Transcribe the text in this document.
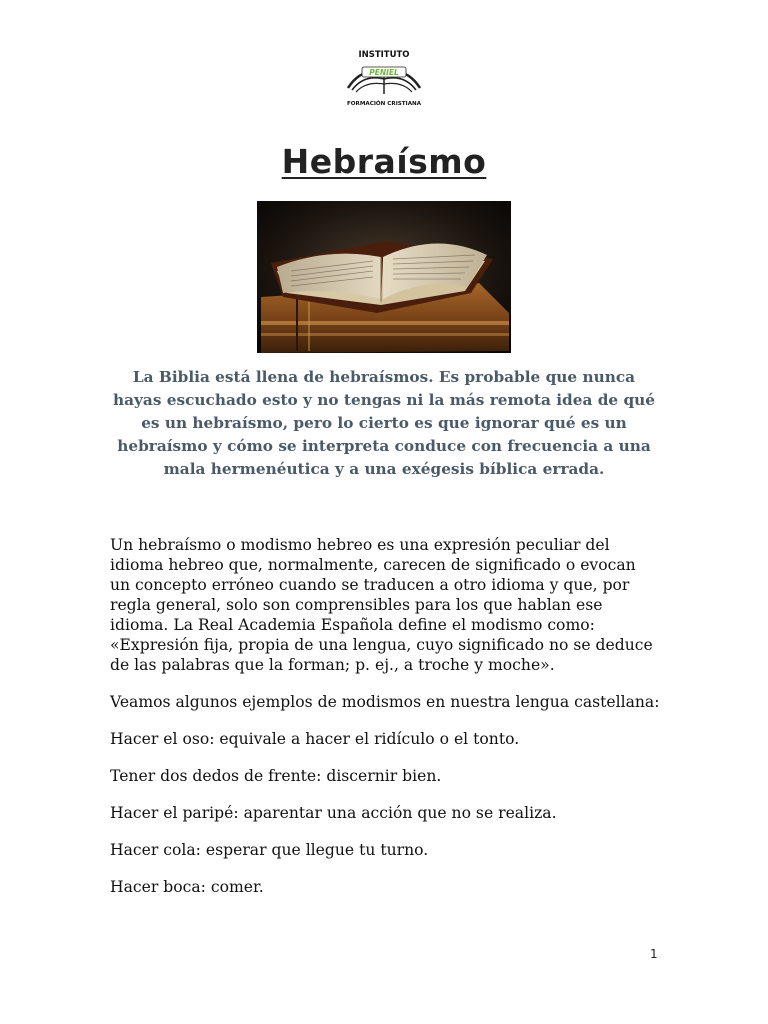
INSTITUTO
PENIEL
FORMACIÓN CRISTIANA
Hebraísmo
La Biblia está llena de hebraísmos. Es probable que nunca hayas escuchado esto y no tengas ni la más remota idea de qué es un hebraísmo, pero lo cierto es que ignorar qué es un hebraísmo y cómo se interpreta conduce con frecuencia a una mala hermenéutica y a una exégesis bíblica errada.

Un hebraísmo o modismo hebreo es una expresión peculiar del idioma hebreo que, normalmente, carecen de significado o evocan un concepto erróneo cuando se traducen a otro idioma y que, por regla general, solo son comprensibles para los que hablan ese idioma. La Real Academia Española define el modismo como: «Expresión fija, propia de una lengua, cuyo significado no se deduce de las palabras que la forman; p. ej., a troche y moche».

Veamos algunos ejemplos de modismos en nuestra lengua castellana:

Hacer el oso: equivale a hacer el ridículo o el tonto.

Tener dos dedos de frente: discernir bien.

Hacer el paripé: aparentar una acción que no se realiza.

Hacer cola: esperar que llegue tu turno.

Hacer boca: comer.

1
